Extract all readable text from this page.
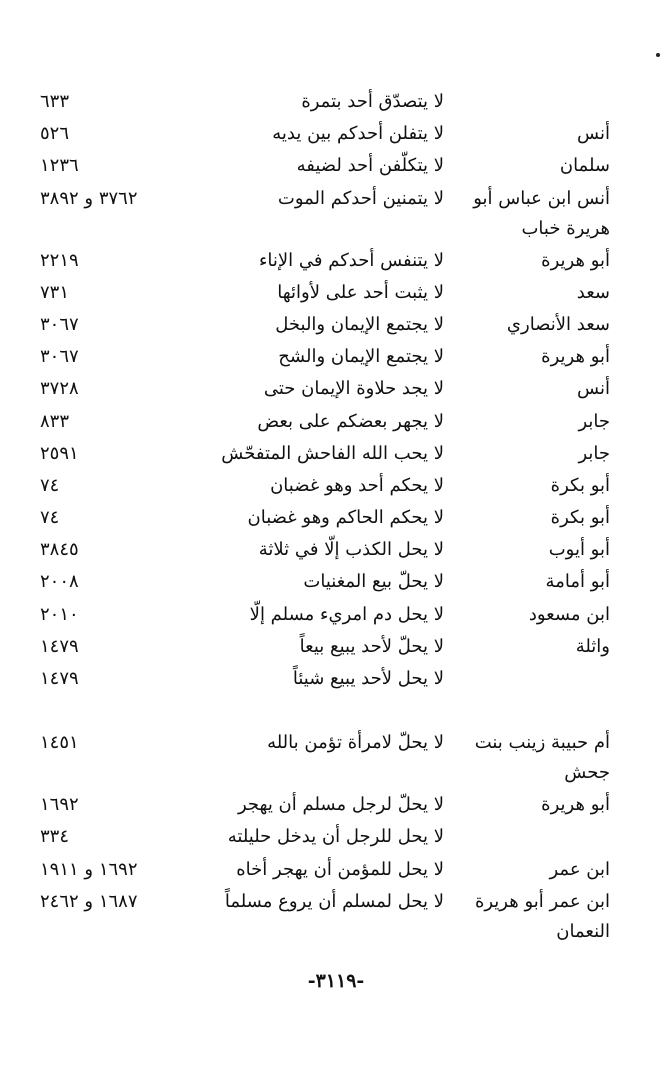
لا يتصدّق أحد بتمرة
٦٣٣
أنس
لا يتفلن أحدكم بين يديه
٥٢٦
سلمان
لا يتكلّفن أحد لضيفه
١٢٣٦
أنس ابن عباس أبو
هريرة خباب
لا يتمنين أحدكم الموت
٣٧٦٢ و ٣٨٩٢
أبو هريرة
لا يتنفس أحدكم في الإناء
٢٢١٩
سعد
لا يثبت أحد على لأوائها
٧٣١
سعد الأنصاري
لا يجتمع الإيمان والبخل
٣٠٦٧
أبو هريرة
لا يجتمع الإيمان والشح
٣٠٦٧
أنس
لا يجد حلاوة الإيمان حتى
٣٧٢٨
جابر
لا يجهر بعضكم على بعض
٨٣٣
جابر
لا يحب الله الفاحش المتفحّش
٢٥٩١
أبو بكرة
لا يحكم أحد وهو غضبان
٧٤
أبو بكرة
لا يحكم الحاكم وهو غضبان
٧٤
أبو أيوب
لا يحل الكذب إلّا في ثلاثة
٣٨٤٥
أبو أمامة
لا يحلّ بيع المغنيات
٢٠٠٨
ابن مسعود
لا يحل دم امريء مسلم إلّا
٢٠١٠
واثلة
لا يحلّ لأحد يبيع بيعاً
١٤٧٩
لا يحل لأحد يبيع شيئاً
١٤٧٩
أم حبيبة زينب بنت
جحش
لا يحلّ لامرأة تؤمن بالله
١٤٥١
أبو هريرة
لا يحلّ لرجل مسلم أن يهجر
١٦٩٢
لا يحل للرجل أن يدخل حليلته
٣٣٤
ابن عمر
لا يحل للمؤمن أن يهجر أخاه
١٦٩٢ و ١٩١١
ابن عمر أبو هريرة
النعمان
لا يحل لمسلم أن يروع مسلماً
١٦٨٧ و ٢٤٦٢
-٣١١٩-
